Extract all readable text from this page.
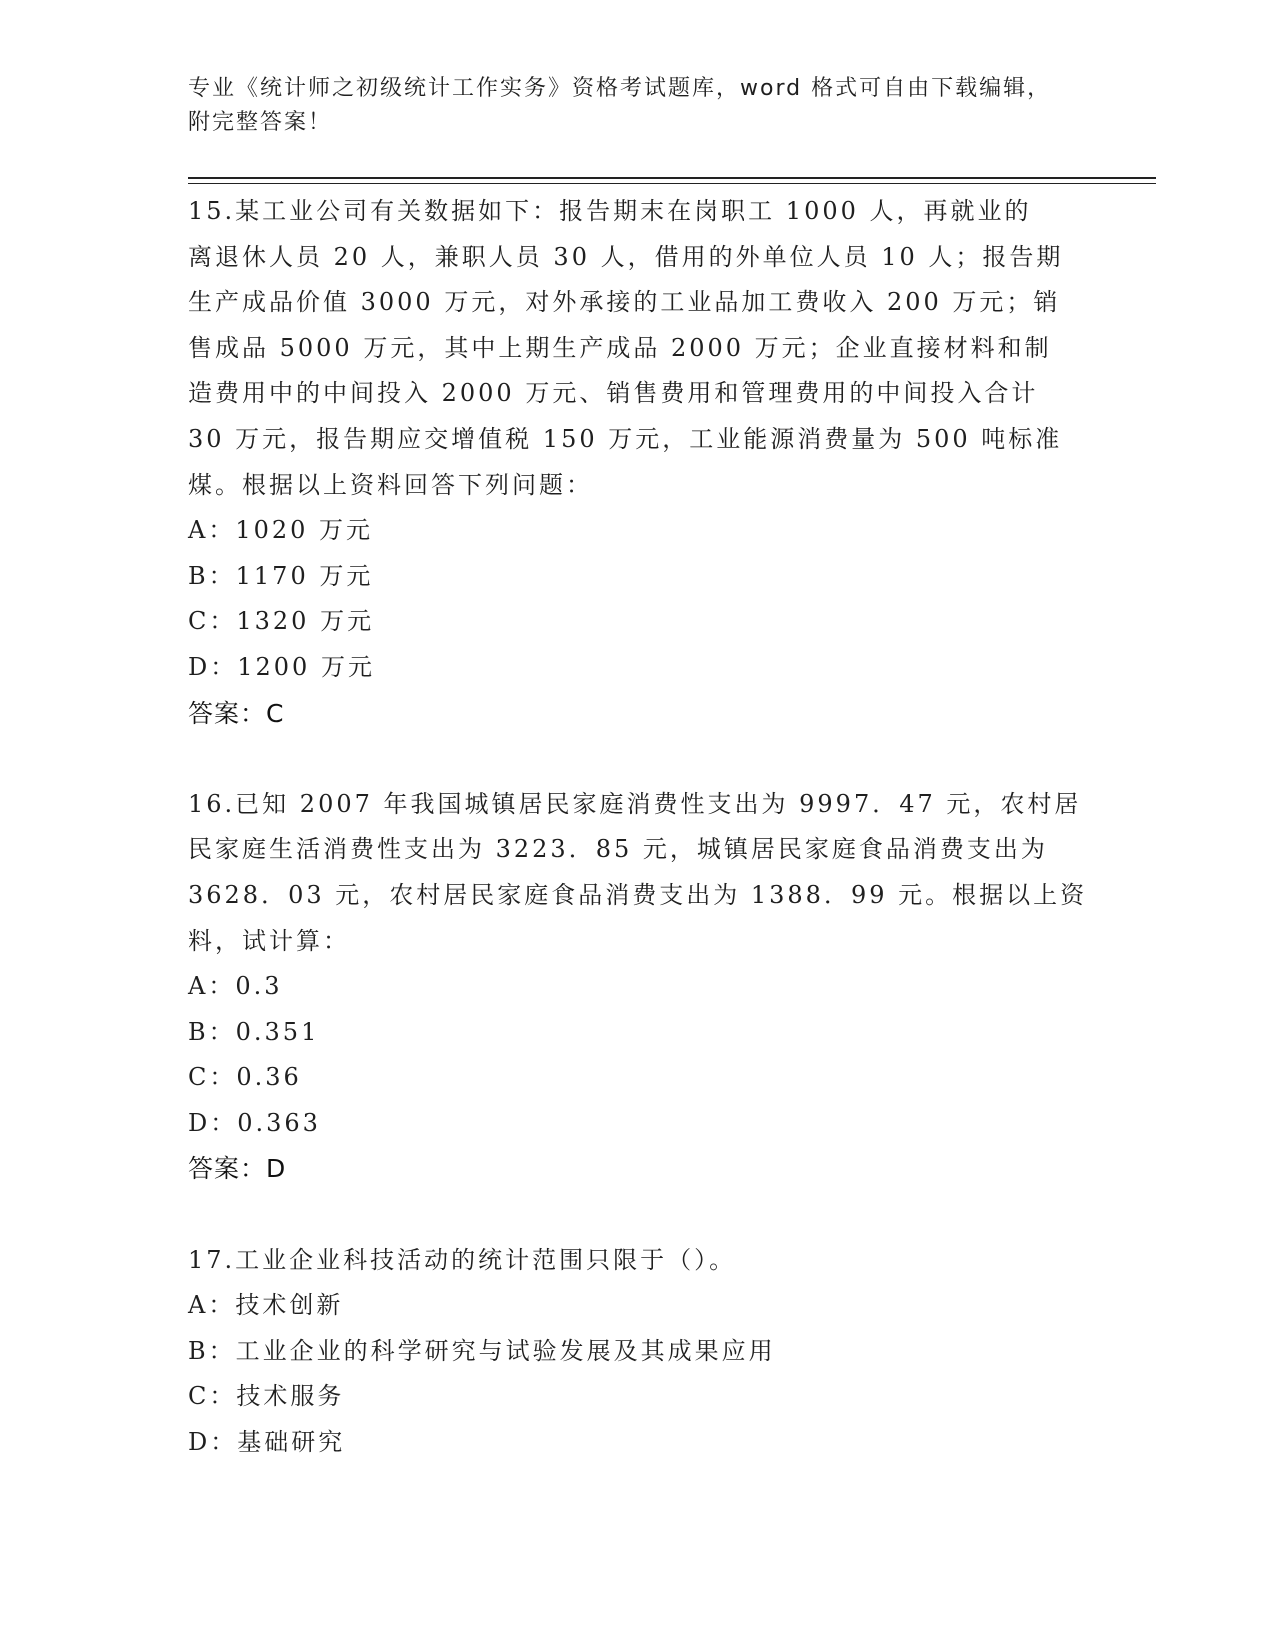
专业《统计师之初级统计工作实务》资格考试题库，word 格式可自由下载编辑，
附完整答案！
15.某工业公司有关数据如下：报告期末在岗职工 1000 人，再就业的
离退休人员 20 人，兼职人员 30 人，借用的外单位人员 10 人；报告期
生产成品价值 3000 万元，对外承接的工业品加工费收入 200 万元；销
售成品 5000 万元，其中上期生产成品 2000 万元；企业直接材料和制
造费用中的中间投入 2000 万元、销售费用和管理费用的中间投入合计
30 万元，报告期应交增值税 150 万元，工业能源消费量为 500 吨标准
煤。根据以上资料回答下列问题：
A：1020 万元
B：1170 万元
C：1320 万元
D：1200 万元
答案：C
16.已知 2007 年我国城镇居民家庭消费性支出为 9997．47 元，农村居
民家庭生活消费性支出为 3223．85 元，城镇居民家庭食品消费支出为
3628．03 元，农村居民家庭食品消费支出为 1388．99 元。根据以上资
料，试计算：
A：0.3
B：0.351
C：0.36
D：0.363
答案：D
17.工业企业科技活动的统计范围只限于（）。
A：技术创新
B：工业企业的科学研究与试验发展及其成果应用
C：技术服务
D：基础研究
